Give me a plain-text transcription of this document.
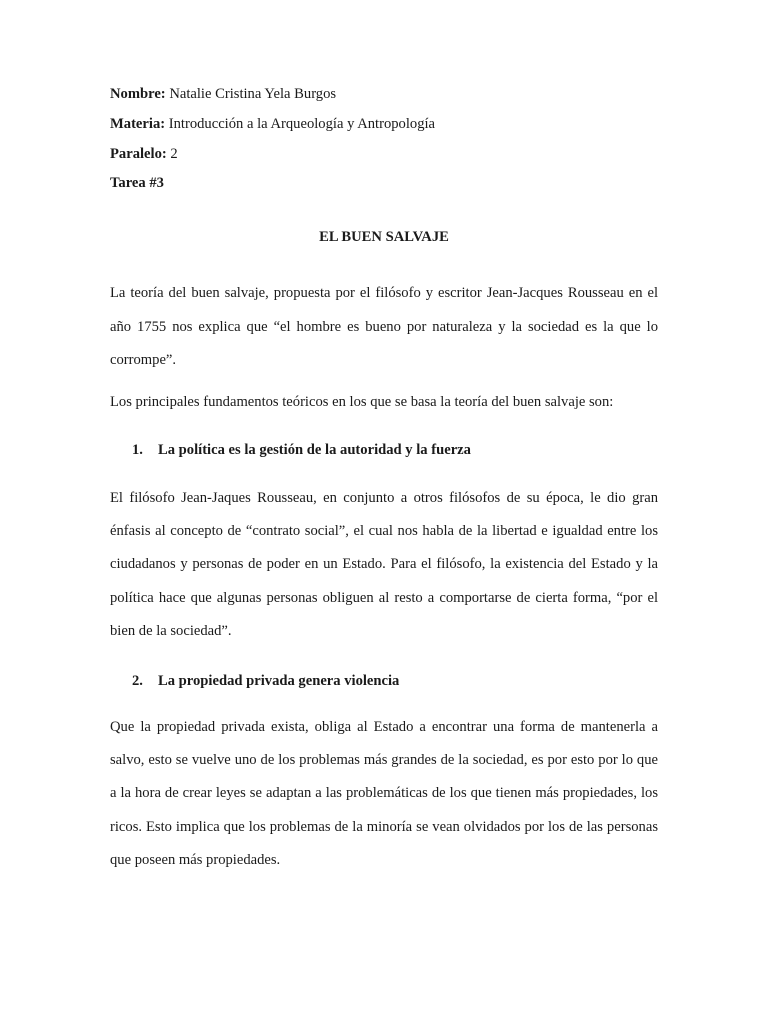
Nombre: Natalie Cristina Yela Burgos

Materia: Introducción a la Arqueología y Antropología

Paralelo: 2

Tarea #3

EL BUEN SALVAJE

La teoría del buen salvaje, propuesta por el filósofo y escritor Jean-Jacques Rousseau en el año 1755 nos explica que “el hombre es bueno por naturaleza y la sociedad es la que lo corrompe”.

Los principales fundamentos teóricos en los que se basa la teoría del buen salvaje son:

1.	La política es la gestión de la autoridad y la fuerza

El filósofo Jean-Jaques Rousseau, en conjunto a otros filósofos de su época, le dio gran énfasis al concepto de “contrato social”, el cual nos habla de la libertad e igualdad entre los ciudadanos y personas de poder en un Estado. Para el filósofo, la existencia del Estado y la política hace que algunas personas obliguen al resto a comportarse de cierta forma, “por el bien de la sociedad”.

2.	La propiedad privada genera violencia

Que la propiedad privada exista, obliga al Estado a encontrar una forma de mantenerla a salvo, esto se vuelve uno de los problemas más grandes de la sociedad, es por esto por lo que a la hora de crear leyes se adaptan a las problemáticas de los que tienen más propiedades, los ricos. Esto implica que los problemas de la minoría se vean olvidados por los de las personas que poseen más propiedades.
